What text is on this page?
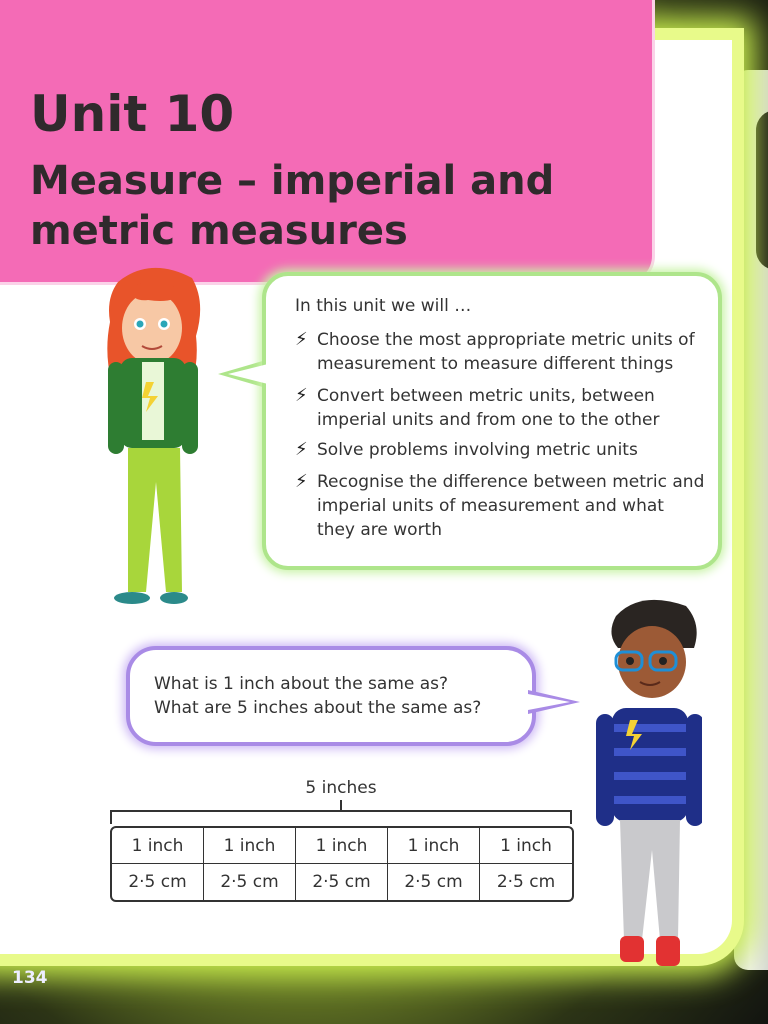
Unit 10
Measure – imperial and metric measures

In this unit we will …

⚡ Choose the most appropriate metric units of measurement to measure different things
⚡ Convert between metric units, between imperial units and from one to the other
⚡ Solve problems involving metric units
⚡ Recognise the difference between metric and imperial units of measurement and what they are worth

What is 1 inch about the same as?

What are 5 inches about the same as?

5 inches
1 inch	1 inch	1 inch	1 inch	1 inch
2·5 cm	2·5 cm	2·5 cm	2·5 cm	2·5 cm
134
